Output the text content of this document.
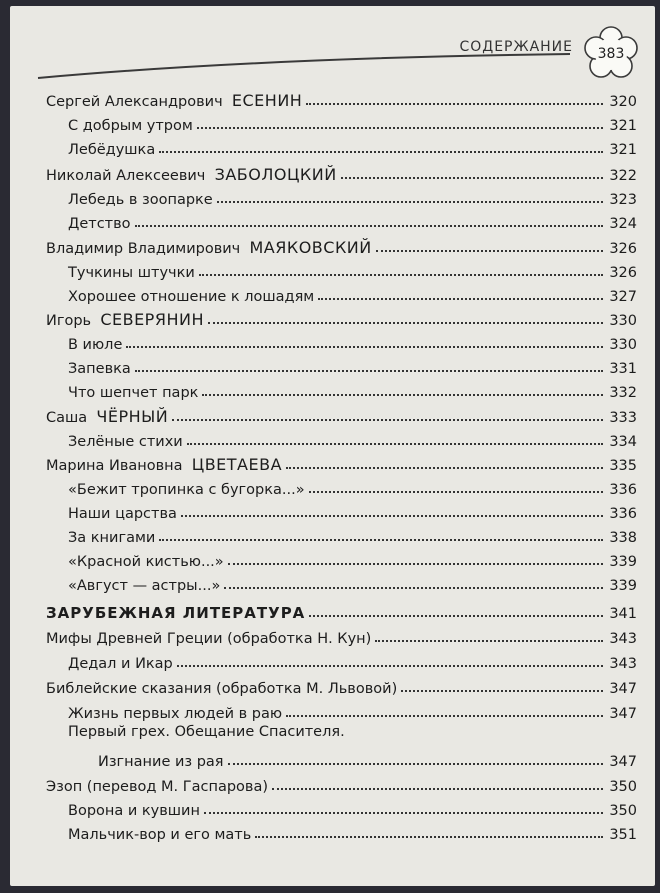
СОДЕРЖАНИЕ	383
Сергей Александрович  ЕСЕНИН	320
С добрым утром	321
Лебёдушка	321
Николай Алексеевич  ЗАБОЛОЦКИЙ	322
Лебедь в зоопарке	323
Детство	324
Владимир Владимирович  МАЯКОВСКИЙ	326
Тучкины штучки	326
Хорошее отношение к лошадям	327
Игорь  СЕВЕРЯНИН	330
В июле	330
Запевка	331
Что шепчет парк	332
Саша  ЧЁРНЫЙ	333
Зелёные стихи	334
Марина Ивановна  ЦВЕТАЕВА	335
«Бежит тропинка с бугорка...»	336
Наши царства	336
За книгами	338
«Красной кистью...»	339
«Август — астры...»	339
ЗАРУБЕЖНАЯ ЛИТЕРАТУРА	341
Мифы Древней Греции (обработка Н. Кун)	343
Дедал и Икар	343
Библейские сказания (обработка М. Львовой)	347
Жизнь первых людей в раю	347
Первый грех. Обещание Спасителя.
Изгнание из рая	347
Эзоп (перевод М. Гаспарова)	350
Ворона и кувшин	350
Мальчик-вор и его мать	351
